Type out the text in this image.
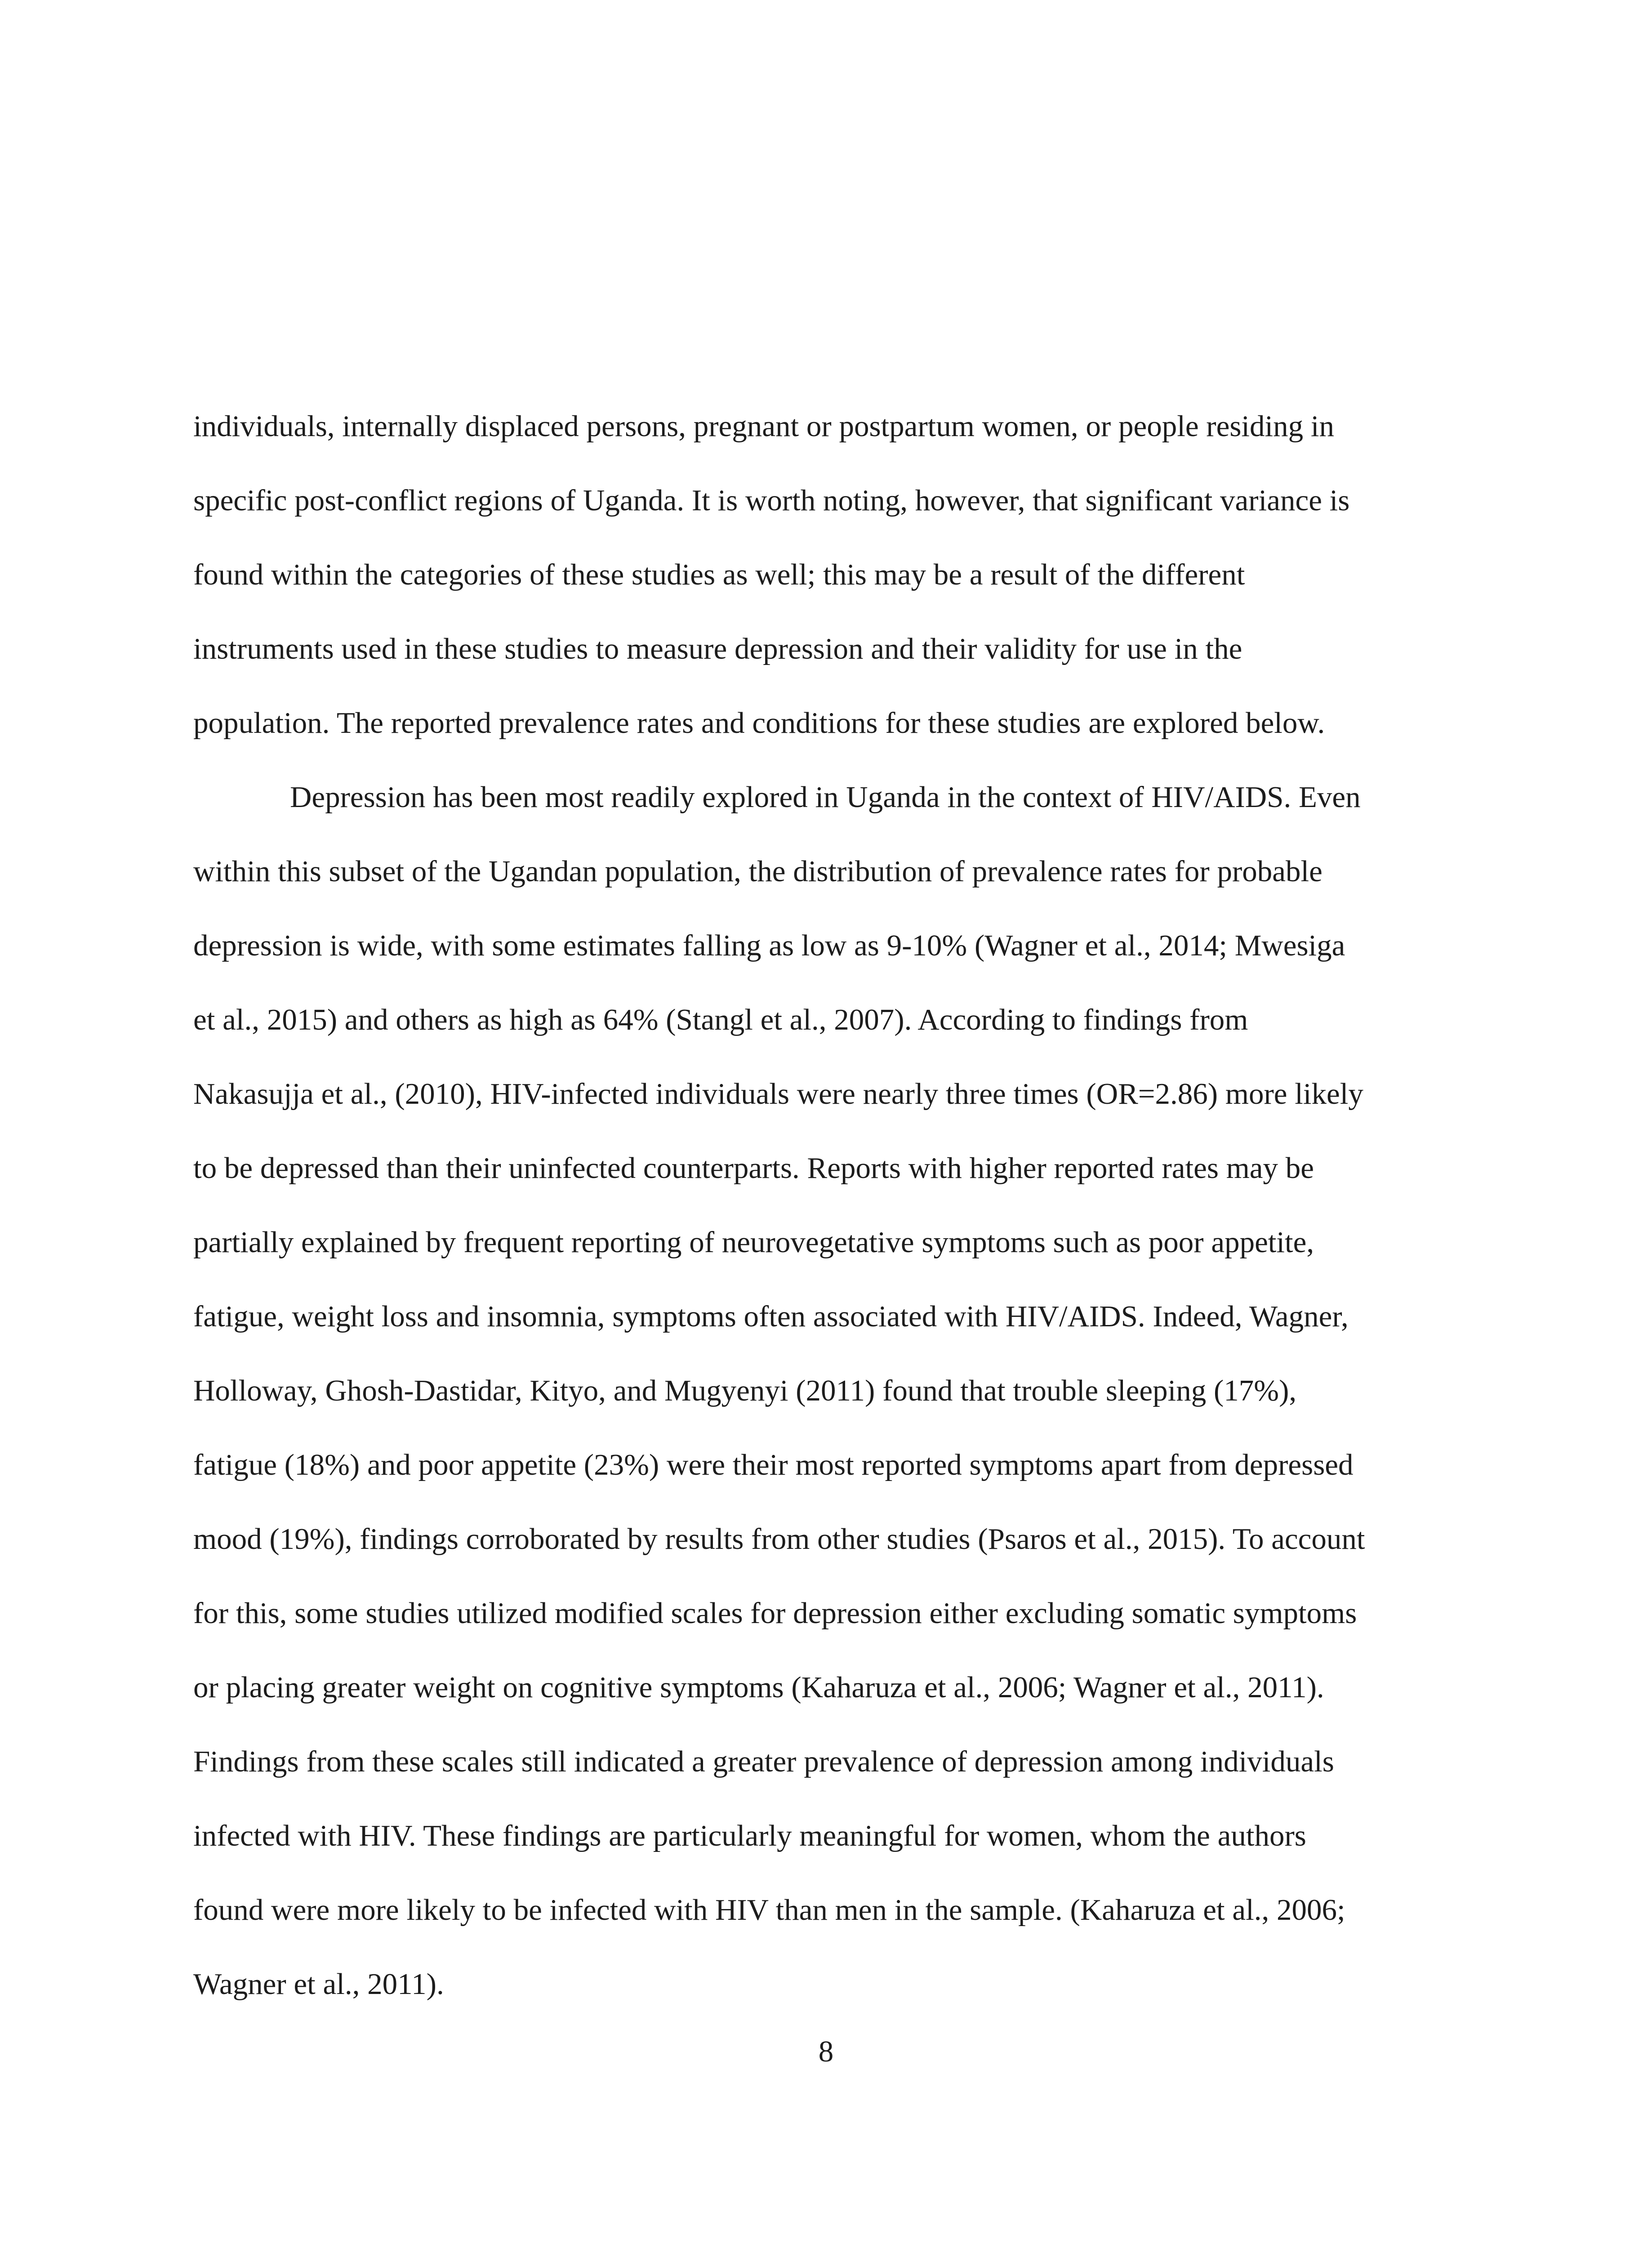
individuals, internally displaced persons, pregnant or postpartum women, or people residing in
specific post-conflict regions of Uganda. It is worth noting, however, that significant variance is
found within the categories of these studies as well; this may be a result of the different
instruments used in these studies to measure depression and their validity for use in the
population. The reported prevalence rates and conditions for these studies are explored below.

Depression has been most readily explored in Uganda in the context of HIV/AIDS. Even
within this subset of the Ugandan population, the distribution of prevalence rates for probable
depression is wide, with some estimates falling as low as 9-10% (Wagner et al., 2014; Mwesiga
et al., 2015) and others as high as 64% (Stangl et al., 2007). According to findings from
Nakasujja et al., (2010), HIV-infected individuals were nearly three times (OR=2.86) more likely
to be depressed than their uninfected counterparts. Reports with higher reported rates may be
partially explained by frequent reporting of neurovegetative symptoms such as poor appetite,
fatigue, weight loss and insomnia, symptoms often associated with HIV/AIDS. Indeed, Wagner,
Holloway, Ghosh-Dastidar, Kityo, and Mugyenyi (2011) found that trouble sleeping (17%),
fatigue (18%) and poor appetite (23%) were their most reported symptoms apart from depressed
mood (19%), findings corroborated by results from other studies (Psaros et al., 2015). To account
for this, some studies utilized modified scales for depression either excluding somatic symptoms
or placing greater weight on cognitive symptoms (Kaharuza et al., 2006; Wagner et al., 2011).
Findings from these scales still indicated a greater prevalence of depression among individuals
infected with HIV. These findings are particularly meaningful for women, whom the authors
found were more likely to be infected with HIV than men in the sample. (Kaharuza et al., 2006;
Wagner et al., 2011).

8
